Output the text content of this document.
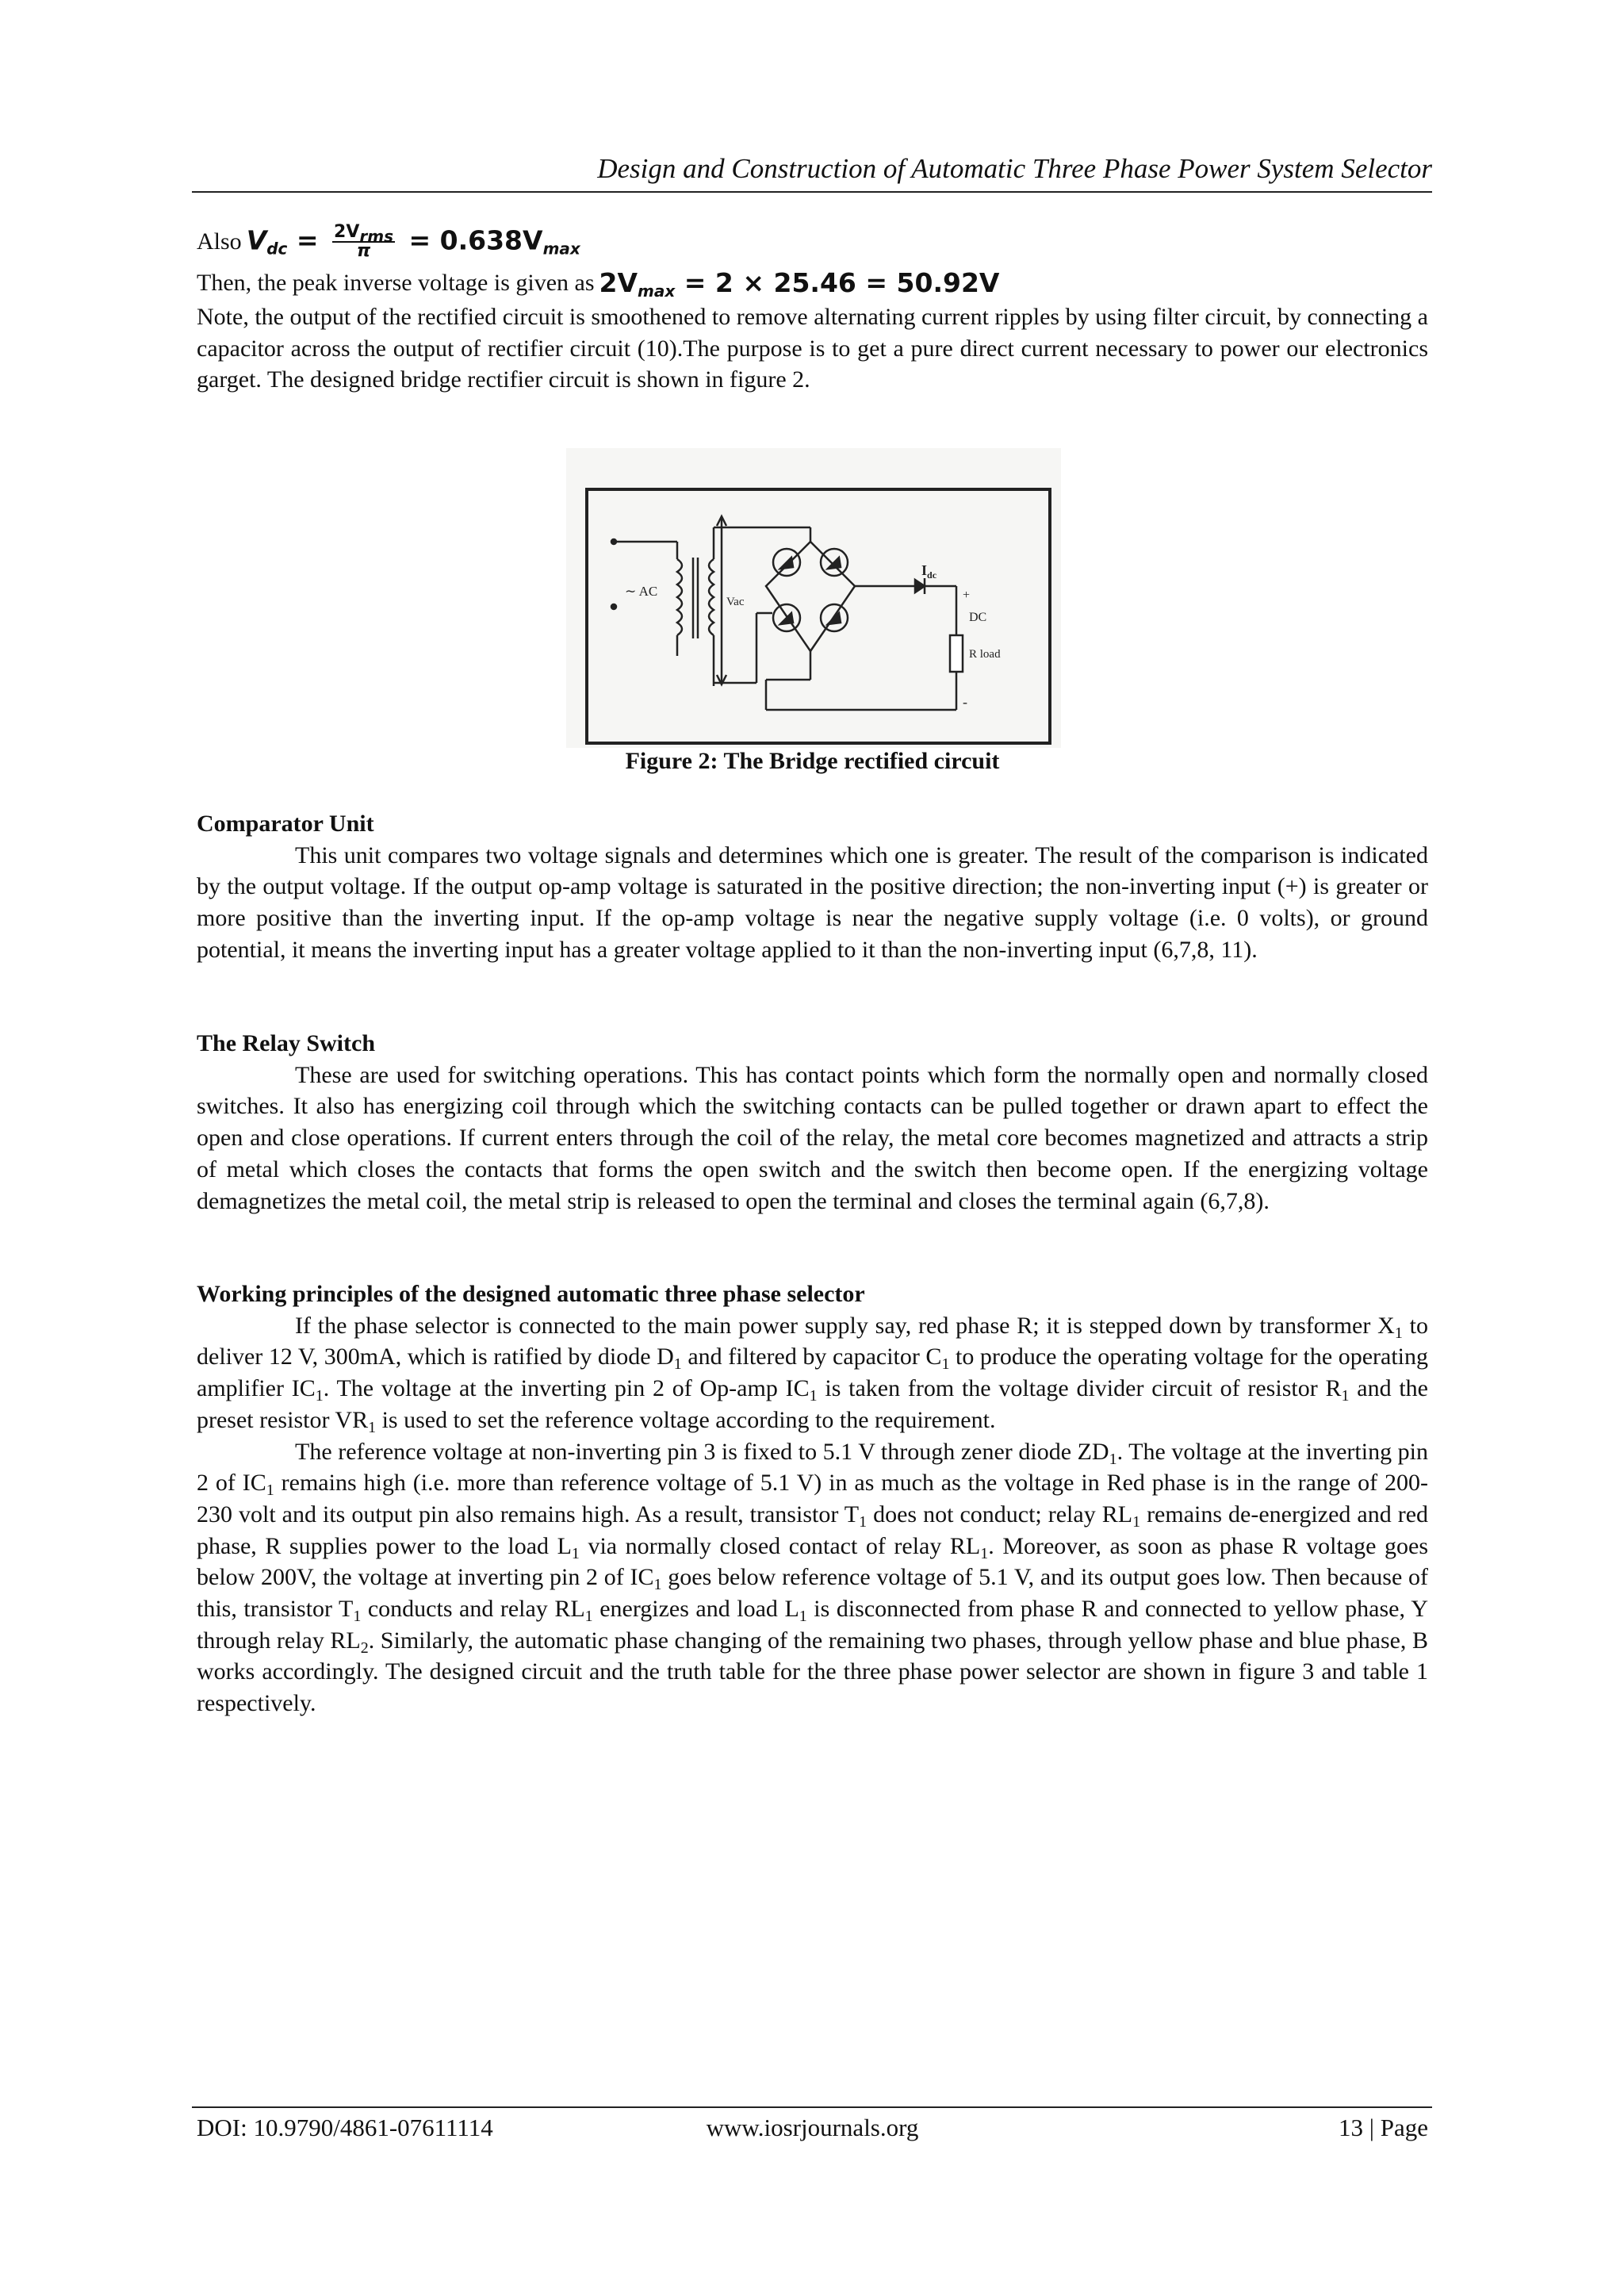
Design and Construction of Automatic Three Phase Power System Selector
Also $V_{dc} = \frac{2V_{rms}}{\pi} = 0.638V_{max}$
Then, the peak inverse voltage is given as $2V_{max} = 2 \times 25.46 = 50.92V$

Note, the output of the rectified circuit is smoothened to remove alternating current ripples by using filter circuit, by connecting a capacitor across the output of rectifier circuit (10).The purpose is to get a pure direct current necessary to power our electronics garget. The designed bridge rectifier circuit is shown in figure 2.

∼ AC
Vac
$I_{dc}$
DC
R load
+
-
Figure 2: The Bridge rectified circuit

Comparator Unit

This unit compares two voltage signals and determines which one is greater. The result of the comparison is indicated by the output voltage. If the output op-amp voltage is saturated in the positive direction; the non-inverting input (+) is greater or more positive than the inverting input. If the op-amp voltage is near the negative supply voltage (i.e. 0 volts), or ground potential, it means the inverting input has a greater voltage applied to it than the non-inverting input (6,7,8, 11).

The Relay Switch

These are used for switching operations. This has contact points which form the normally open and normally closed switches. It also has energizing coil through which the switching contacts can be pulled together or drawn apart to effect the open and close operations. If current enters through the coil of the relay, the metal core becomes magnetized and attracts a strip of metal which closes the contacts that forms the open switch and the switch then become open. If the energizing voltage demagnetizes the metal coil, the metal strip is released to open the terminal and closes the terminal again (6,7,8).

Working principles of the designed automatic three phase selector

If the phase selector is connected to the main power supply say, red phase R; it is stepped down by transformer $X_1$ to deliver 12 V, 300mA, which is ratified by diode $D_1$ and filtered by capacitor $C_1$ to produce the operating voltage for the operating amplifier $IC_1$. The voltage at the inverting pin 2 of Op-amp $IC_1$ is taken from the voltage divider circuit of resistor $R_1$ and the preset resistor $VR_1$ is used to set the reference voltage according to the requirement.

The reference voltage at non-inverting pin 3 is fixed to 5.1 V through zener diode $ZD_1$. The voltage at the inverting pin 2 of $IC_1$ remains high (i.e. more than reference voltage of 5.1 V) in as much as the voltage in Red phase is in the range of 200-230 volt and its output pin also remains high. As a result, transistor $T_1$ does not conduct; relay $RL_1$ remains de-energized and red phase, R supplies power to the load $L_1$ via normally closed contact of relay $RL_1$. Moreover, as soon as phase R voltage goes below 200V, the voltage at inverting pin 2 of $IC_1$ goes below reference voltage of 5.1 V, and its output goes low. Then because of this, transistor $T_1$ conducts and relay $RL_1$ energizes and load $L_1$ is disconnected from phase R and connected to yellow phase, Y through relay $RL_2$. Similarly, the automatic phase changing of the remaining two phases, through yellow phase and blue phase, B works accordingly. The designed circuit and the truth table for the three phase power selector are shown in figure 3 and table 1 respectively.

DOI: 10.9790/4861-07611114	www.iosrjournals.org	13 | Page
